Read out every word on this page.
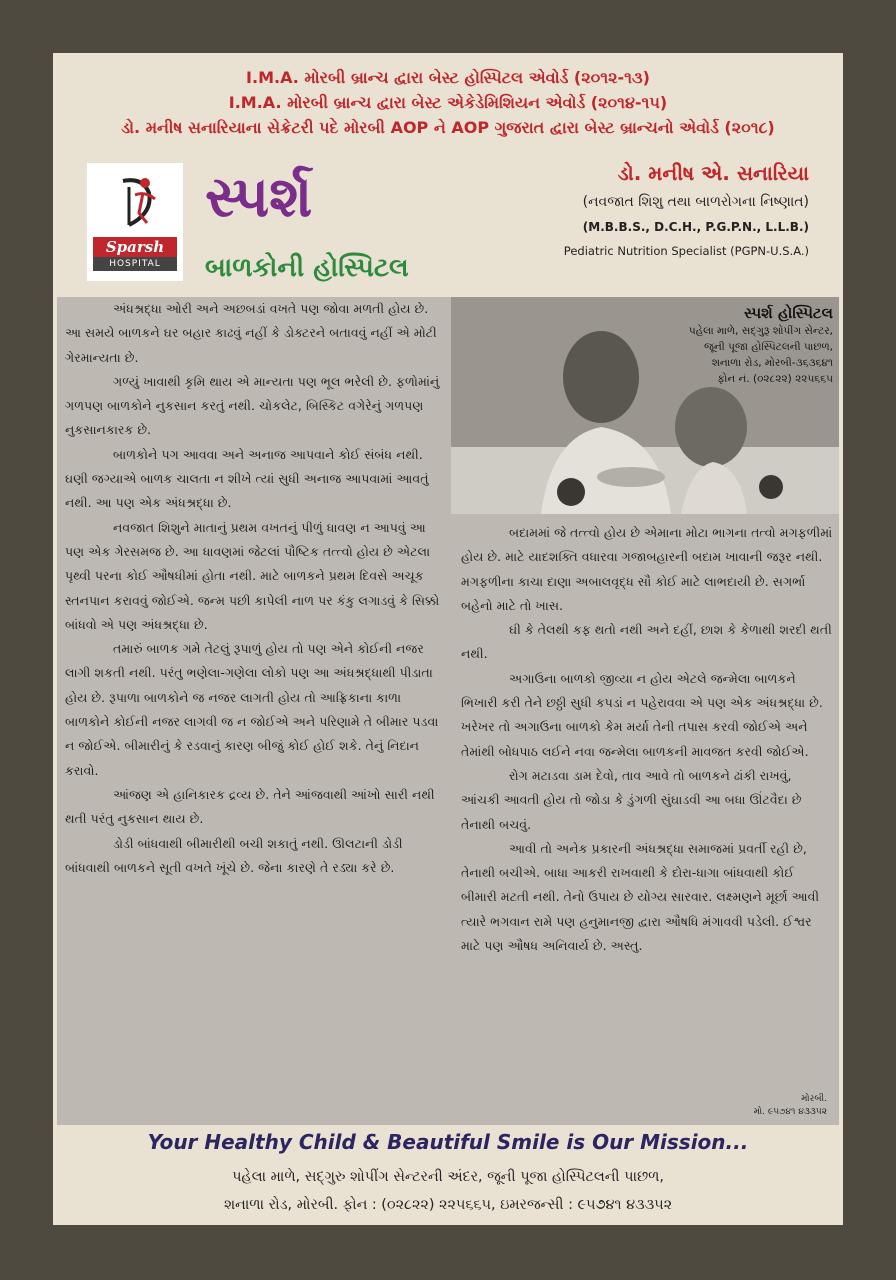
I.M.A. મોરબી બ્રાન્ચ દ્વારા બેસ્ટ હોસ્પિટલ એવોર્ડ (૨૦૧૨-૧૩)
I.M.A. મોરબી બ્રાન્ચ દ્વારા બેસ્ટ એકેડેમિશિયન એવોર્ડ (૨૦૧૪-૧૫)
ડો. મનીષ સનારિયાના સેક્રેટરી પદે મોરબી AOP ને AOP ગુજરાત દ્વારા બેસ્ટ બ્રાન્ચનો એવોર્ડ (૨૦૧૮)
Sparsh
HOSPITAL
સ્પર્શ
બાળકોની હોસ્પિટલ
ડો. મનીષ એ. સનારિયા
(નવજાત શિશુ તથા બાળરોગના નિષ્ણાત)
(M.B.B.S., D.C.H., P.G.P.N., L.L.B.)
Pediatric Nutrition Specialist (PGPN-U.S.A.)
સ્પર્શ હોસ્પિટલ
પહેલા માળે, સદ્‌ગુરૂ શોપીંગ સેન્ટર,
જૂની પૂજા હોસ્પિટલની પાછળ,
શનાળા રોડ, મોરબી-૩૬૩૬૪૧
ફોન નં. (૦૨૮૨૨) ૨૨૫૬૬૫

અંધશ્રદ્ધા ઓરી અને અછબડાં વખતે પણ જોવા મળતી હોય છે. આ સમયે બાળકને ઘર બહાર કાઢવું નહીં કે ડોક્ટરને બતાવવું નહીં એ મોટી ગેરમાન્યતા છે.

ગળ્યું ખાવાથી કૃમિ થાય એ માન્યતા પણ ભૂલ ભરેલી છે. ફળોમાંનું ગળપણ બાળકોને નુકસાન કરતું નથી. ચોકલેટ, બિસ્કિટ વગેરેનું ગળપણ નુકસાનકારક છે.

બાળકોને પગ આવવા અને અનાજ આપવાને કોઈ સંબંધ નથી. ઘણી જગ્યાએ બાળક ચાલતા ન શીખે ત્યાં સુધી અનાજ આપવામાં આવતું નથી. આ પણ એક અંધશ્રદ્ધા છે.

નવજાત શિશુને માતાનું પ્રથમ વખતનું પીળું ધાવણ ન આપવું આ પણ એક ગેરસમજ છે. આ ધાવણમાં જેટલાં પૌષ્ટિક તત્ત્વો હોય છે એટલા પૃથ્વી પરના કોઈ ઔષધીમાં હોતા નથી. માટે બાળકને પ્રથમ દિવસે અચૂક સ્તનપાન કરાવવું જોઈએ. જન્મ પછી કાપેલી નાળ પર કંકુ લગાડવું કે સિક્કો બાંધવો એ પણ અંધશ્રદ્ધા છે.

તમારું બાળક ગમે તેટલું રૂપાળું હોય તો પણ એને કોઈની નજર લાગી શકતી નથી. પરંતુ ભણેલા-ગણેલા લોકો પણ આ અંધશ્રદ્ધાથી પીડાતા હોય છે. રૂપાળા બાળકોને જ નજર લાગતી હોય તો આફ્રિકાના કાળા બાળકોને કોઈની નજર લાગવી જ ન જોઈએ અને પરિણામે તે બીમાર પડવા ન જોઈએ. બીમારીનું કે રડવાનું કારણ બીજું કોઈ હોઈ શકે. તેનું નિદાન કરાવો.

આંજણ એ હાનિકારક દ્રવ્ય છે. તેને આંજવાથી આંખો સારી નથી થતી પરંતુ નુકસાન થાય છે.

ડોડી બાંધવાથી બીમારીથી બચી શકાતું નથી. ઊલટાની ડોડી બાંધવાથી બાળકને સૂતી વખતે ખૂંચે છે. જેના કારણે તે રડ્યા કરે છે.

બદામમાં જે તત્ત્વો હોય છે એમાના મોટા ભાગના તત્વો મગફળીમાં હોય છે. માટે યાદશક્તિ વધારવા ગજાબહારની બદામ ખાવાની જરૂર નથી. મગફળીના કાચા દાણા અબાલવૃદ્ધ સૌ કોઈ માટે લાભદાયી છે. સગર્ભા બહેનો માટે તો ખાસ.

ઘી કે તેલથી કફ થતો નથી અને દહીં, છાશ કે કેળાથી શરદી થતી નથી.

અગાઉના બાળકો જીવ્યા ન હોય એટલે જન્મેલા બાળકને ભિખારી કરી તેને છઠ્ઠી સુધી કપડાં ન પહેરાવવા એ પણ એક અંધશ્રદ્ધા છે. ખરેખર તો અગાઉના બાળકો કેમ મર્યા તેની તપાસ કરવી જોઈએ અને તેમાંથી બોધપાઠ લઈને નવા જન્મેલા બાળકની માવજત કરવી જોઈએ.

રોગ મટાડવા ડામ દેવો, તાવ આવે તો બાળકને ઢાંકી રાખવું, આંચકી આવતી હોય તો જોડા કે ડુંગળી સુંઘાડવી આ બધા ઊંટવૈદા છે તેનાથી બચવું.

આવી તો અનેક પ્રકારની અંધશ્રદ્ધા સમાજમાં પ્રવર્તી રહી છે, તેનાથી બચીએ. બાધા આકરી રાખવાથી કે દોરા-ધાગા બાંધવાથી કોઈ બીમારી મટતી નથી. તેનો ઉપાય છે યોગ્ય સારવાર. લક્ષ્મણને મૂર્છા આવી ત્યારે ભગવાન રામે પણ હનુમાનજી દ્વારા ઔષધિ મંગાવવી પડેલી. ઈશ્વર માટે પણ ઔષધ અનિવાર્ય છે. અસ્તુ.

મોરબી.
મો. ૯૫૭૪૧ ૪૩૩૫૨
Your Healthy Child & Beautiful Smile is Our Mission...
પહેલા માળે, સદ્‌ગુરુ શોપીંગ સેન્ટરની અંદર, જૂની પૂજા હોસ્પિટલની પાછળ,
શનાળા રોડ, મોરબી. ફોન : (૦૨૮૨૨) ૨૨૫૬૬૫, ઇમરજન્સી : ૯૫૭૪૧ ૪૩૩૫૨
